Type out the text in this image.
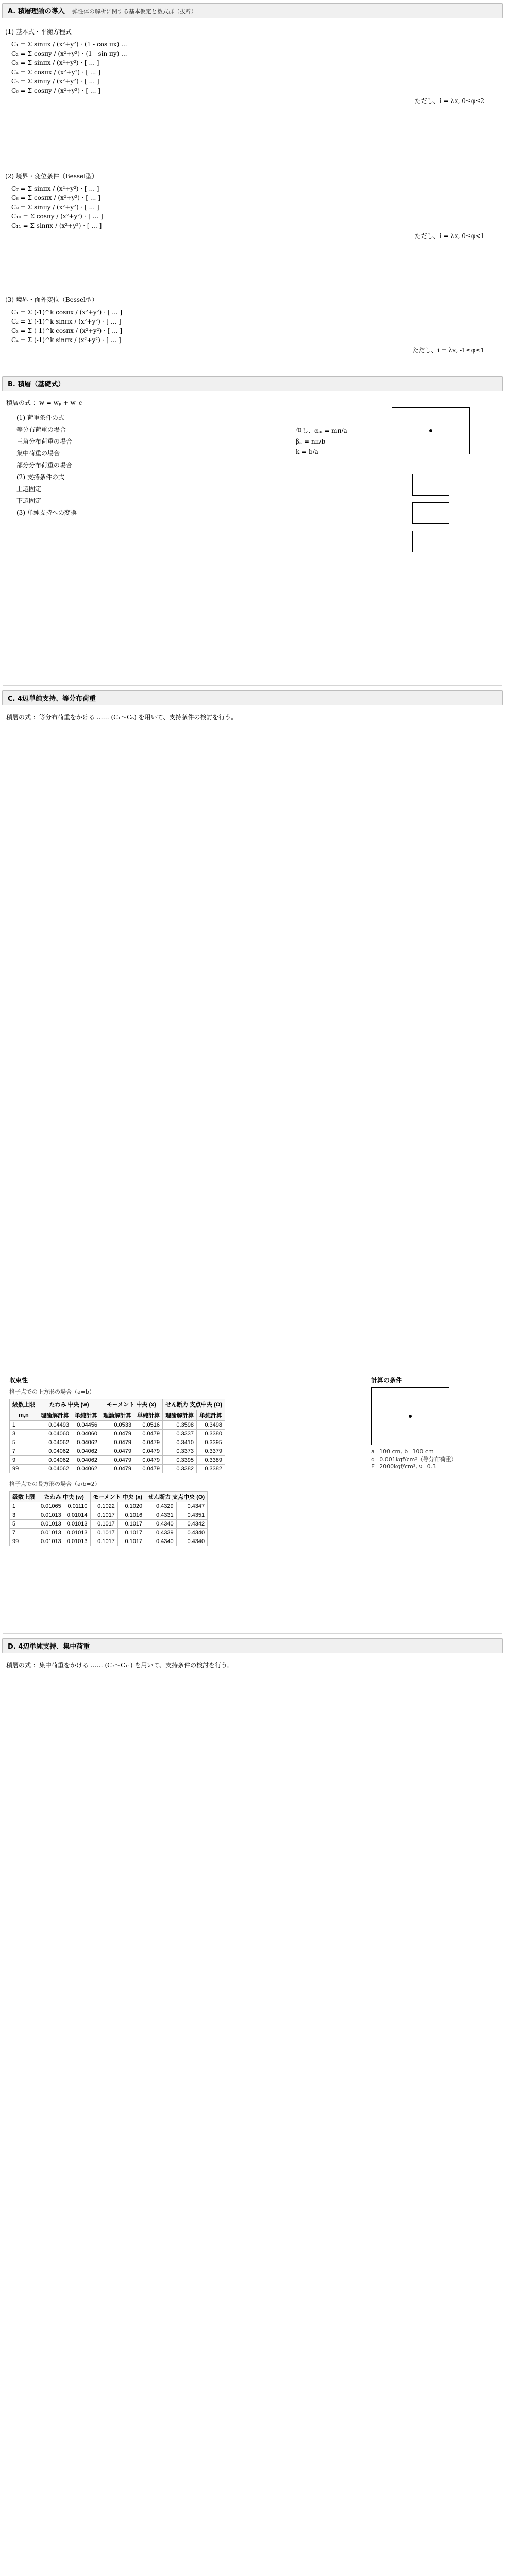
A. 積層理論の導入 弾性体の解析に関する基本仮定と数式群（抜粋）
(1) 基本式・平衡方程式
C₁ = Σ sinπx / (x²+y²) · (1 - cos πx) ...
C₂ = Σ cosπy / (x²+y²) · (1 - sin πy) ...
C₃ = Σ sinπx / (x²+y²) · [ ... ]
C₄ = Σ cosπx / (x²+y²) · [ ... ]
C₅ = Σ sinπy / (x²+y²) · [ ... ]
C₆ = Σ cosπy / (x²+y²) · [ ... ]
ただし、i = λx, 0≤φ≤2
(2) 境界・変位条件（Bessel型）
C₇ = Σ sinπx / (x²+y²) · [ ... ]
C₈ = Σ cosπx / (x²+y²) · [ ... ]
C₉ = Σ sinπy / (x²+y²) · [ ... ]
C₁₀ = Σ cosπy / (x²+y²) · [ ... ]
C₁₁ = Σ sinπx / (x²+y²) · [ ... ]
ただし、i = λx, 0≤φ<1
(3) 境界・面外変位（Bessel型）
C₁ = Σ (-1)^k cosπx / (x²+y²) · [ ... ]
C₂ = Σ (-1)^k sinπx / (x²+y²) · [ ... ]
C₃ = Σ (-1)^k cosπx / (x²+y²) · [ ... ]
C₄ = Σ (-1)^k sinπx / (x²+y²) · [ ... ]
ただし、i = λx, -1≤φ≤1
B. 積層（基礎式）
積層の式 ：w = wₚ + w_c
(1) 荷重条件の式
等分布荷重の場合
三角分布荷重の場合
集中荷重の場合
部分分布荷重の場合
(2) 支持条件の式
上辺固定
下辺固定
(3) 単純支持への変換
但し、αₘ = mπ/a
βₙ = nπ/b
k = b/a
C. 4辺単純支持、等分布荷重
積層の式 ：等分布荷重をかける …… (C₁〜C₆) を用いて、支持条件の検討を行う。
収束性
格子点での正方形の場合（a=b）
級数上限	たわみ 中央 (w)		モーメント 中央 (x)		せん断力 支点中央 (O)	
m,n	理論解計算	単純計算	理論解計算	単純計算	理論解計算	単純計算
1	0.04493	0.04456	0.0533	0.0516	0.3598	0.3498
3	0.04060	0.04060	0.0479	0.0479	0.3337	0.3380
5	0.04062	0.04062	0.0479	0.0479	0.3410	0.3395
7	0.04062	0.04062	0.0479	0.0479	0.3373	0.3379
9	0.04062	0.04062	0.0479	0.0479	0.3395	0.3389
99	0.04062	0.04062	0.0479	0.0479	0.3382	0.3382
格子点での長方形の場合（a/b=2）
級数上限	たわみ 中央 (w)		モーメント 中央 (x)		せん断力 支点中央 (O)	
1	0.01065	0.01110	0.1022	0.1020	0.4329	0.4347
3	0.01013	0.01014	0.1017	0.1016	0.4331	0.4351
5	0.01013	0.01013	0.1017	0.1017	0.4340	0.4342
7	0.01013	0.01013	0.1017	0.1017	0.4339	0.4340
99	0.01013	0.01013	0.1017	0.1017	0.4340	0.4340
計算の条件
a=100 cm, b=100 cm
q=0.001kgf/cm²（等分布荷重）
E=2000kgf/cm², ν=0.3
D. 4辺単純支持、集中荷重
積層の式 ：集中荷重をかける …… (C₇〜C₁₁) を用いて、支持条件の検討を行う。
